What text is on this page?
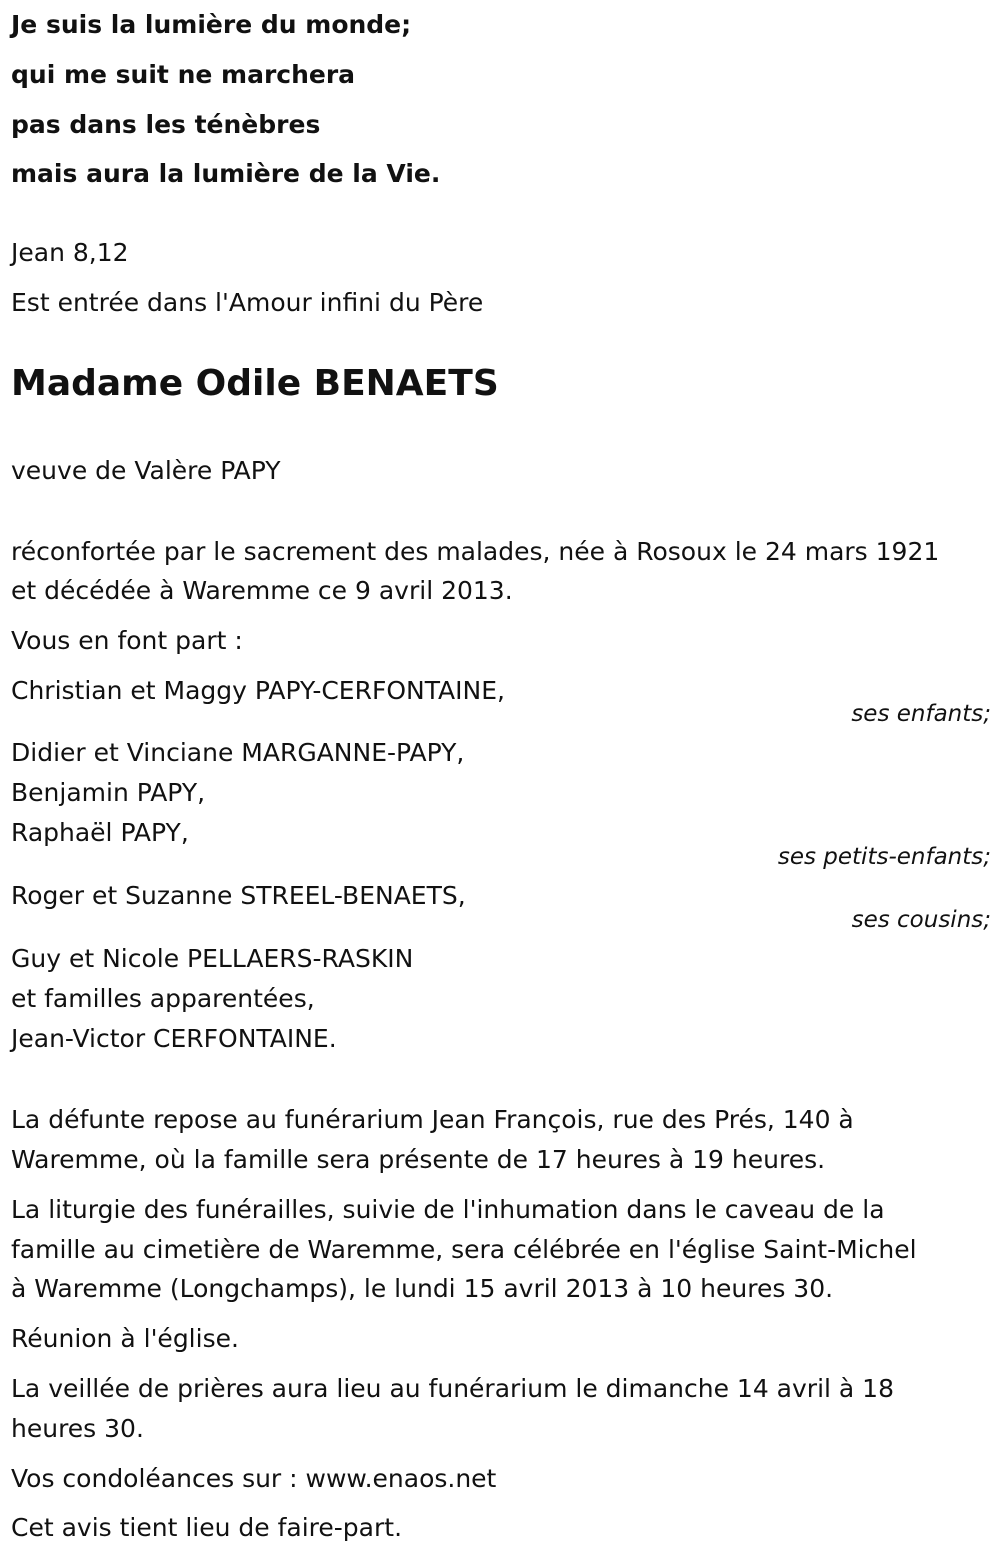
Je suis la lumière du monde;
qui me suit ne marchera
pas dans les ténèbres
mais aura la lumière de la Vie.
Jean 8,12
Est entrée dans l'Amour infini du Père
Madame Odile BENAETS
veuve de Valère PAPY
réconfortée par le sacrement des malades, née à Rosoux le 24 mars 1921
et décédée à Waremme ce 9 avril 2013.
Vous en font part :
Christian et Maggy PAPY-CERFONTAINE,
ses enfants;
Didier et Vinciane MARGANNE-PAPY,
Benjamin PAPY,
Raphaël PAPY,
ses petits-enfants;
Roger et Suzanne STREEL-BENAETS,
ses cousins;
Guy et Nicole PELLAERS-RASKIN
et familles apparentées,
Jean-Victor CERFONTAINE.
La défunte repose au funérarium Jean François, rue des Prés, 140 à
Waremme, où la famille sera présente de 17 heures à 19 heures.
La liturgie des funérailles, suivie de l'inhumation dans le caveau de la
famille au cimetière de Waremme, sera célébrée en l'église Saint-Michel
à Waremme (Longchamps), le lundi 15 avril 2013 à 10 heures 30.
Réunion à l'église.
La veillée de prières aura lieu au funérarium le dimanche 14 avril à 18
heures 30.
Vos condoléances sur : www.enaos.net
Cet avis tient lieu de faire-part.
